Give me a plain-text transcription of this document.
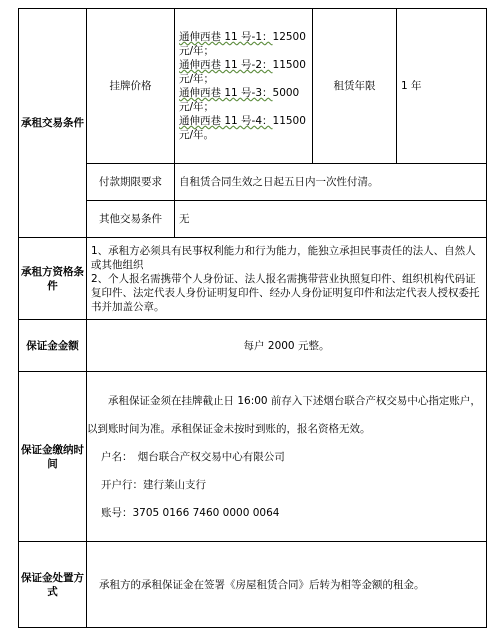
承租交易条件	挂牌价格	通伸西巷 11 号-1：12500 元/年；
通伸西巷 11 号-2：11500 元/年；
通伸西巷 11 号-3：5000 元/年；
通伸西巷 11 号-4：11500 元/年。	租赁年限	1 年
	付款期限要求	自租赁合同生效之日起五日内一次性付清。		
	其他交易条件	无		
承租方资格条件	1、承租方必须具有民事权利能力和行为能力，能独立承担民事责任的法人、自然人或其他组织
2、个人报名需携带个人身份证、法人报名需携带营业执照复印件、组织机构代码证复印件、法定代表人身份证明复印件、经办人身份证明复印件和法定代表人授权委托书并加盖公章。			

保证金金额	每户 2000 元整。			
保证金缴纳时间	承租保证金须在挂牌截止日 16:00 前存入下述烟台联合产权交易中心指定账户，以到账时间为准。承租保证金未按时到账的，报名资格无效。

户名：　烟台联合产权交易中心有限公司

开户行：建行莱山支行

账号：3705 0166 7460 0000 0064			

保证金处置方式	承租方的承租保证金在签署《房屋租赁合同》后转为相等金额的租金。			
